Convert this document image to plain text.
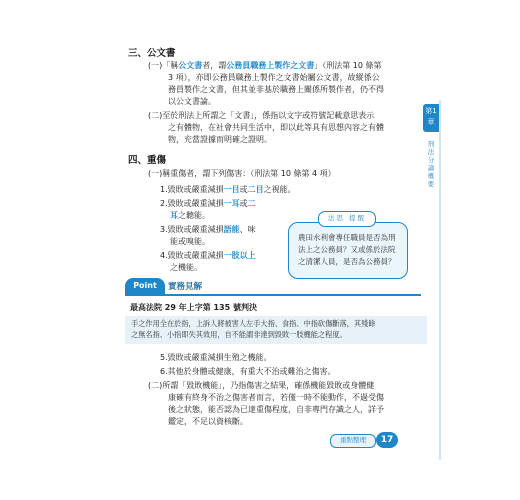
三、公文書
(一)「稱公文書者，謂公務員職務上製作之文書」（刑法第 10 條第
3 項），亦即公務員職務上製作之文書始屬公文書，故縱係公
務員製作之文書，但其並非基於職務上關係所製作者，仍不得
以公文書論。
(二)至於刑法上所謂之「文書」，係指以文字或符號記載意思表示
之有體物，在社會共同生活中，即以此等具有思想內容之有體
物，充當證據而明確之證明。
四、重傷
(一)稱重傷者，謂下列傷害：（刑法第 10 條第 4 項）
1.毀敗或嚴重減損一目或二目之視能。
2.毀敗或嚴重減損一耳或二
耳之聽能。
3.毀敗或嚴重減損語能、味
能或嗅能。
4.毀敗或嚴重減損一肢以上
之機能。
法思 提醒
農田水利會專任職員是否為刑法上之公務員？又或係於法院之清潔人員，是否為公務員？
Point	實務見解
最高法院 29 年上字第 135 號判決
手之作用全在於指，上訴人將被害人左手大指、食指、中指砍傷斷落，其殘餘
之無名指、小指即失其效用，自不能謂非達到毀敗一肢機能之程度。
5.毀敗或嚴重減損生殖之機能。
6.其他於身體或健康，有重大不治或難治之傷害。
(二)所謂「毀敗機能」，乃指傷害之結果，確係機能毀敗或身體健
康確有終身不治之傷害者而言，若僅一時不能動作，不過受傷
後之狀態，能否認為已達重傷程度，自非專門存識之人，詳予
鑑定，不足以資核斷。
第1章
刑法分論概要
重點整理	17
